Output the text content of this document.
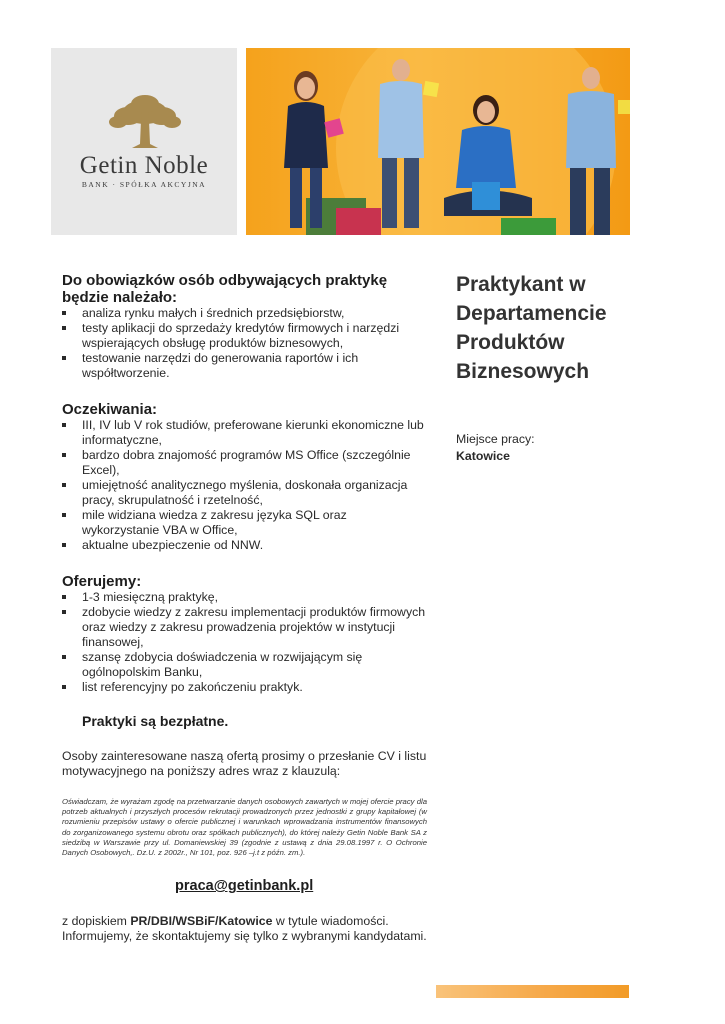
Getin Noble
BANK · SPÓŁKA AKCYJNA
Do obowiązków osób odbywających praktykę będzie należało:
analiza rynku małych i średnich przedsiębiorstw,
testy aplikacji do sprzedaży kredytów firmowych i narzędzi wspierających obsługę produktów biznesowych,
testowanie narzędzi do generowania raportów i ich współtworzenie.
Oczekiwania:
III, IV lub V rok studiów, preferowane kierunki ekonomiczne lub informatyczne,
bardzo dobra znajomość programów MS Office (szczególnie Excel),
umiejętność analitycznego myślenia, doskonała organizacja pracy, skrupulatność i rzetelność,
mile widziana wiedza z zakresu języka SQL oraz wykorzystanie VBA w Office,
aktualne ubezpieczenie od NNW.
Oferujemy:
1-3 miesięczną praktykę,
zdobycie wiedzy z zakresu implementacji produktów firmowych oraz wiedzy z zakresu prowadzenia projektów w instytucji finansowej,
szansę zdobycia doświadczenia w rozwijającym się ogólnopolskim Banku,
list referencyjny po zakończeniu praktyk.
Praktyki są bezpłatne.
Osoby zainteresowane naszą ofertą prosimy o przesłanie CV i listu motywacyjnego na poniższy adres wraz z klauzulą:
Oświadczam, że wyrażam zgodę na przetwarzanie danych osobowych zawartych w mojej ofercie pracy dla potrzeb aktualnych i przyszłych procesów rekrutacji prowadzonych przez jednostki z grupy kapitałowej (w rozumieniu przepisów ustawy o ofercie publicznej i warunkach wprowadzania instrumentów finansowych do zorganizowanego systemu obrotu oraz spółkach publicznych), do której należy Getin Noble Bank SA z siedzibą w Warszawie przy ul. Domaniewskiej 39 (zgodnie z ustawą z dnia 29.08.1997 r. O Ochronie Danych Osobowych,. Dz.U. z 2002r., Nr 101, poz. 926 –j.t z późn. zm.).
praca@getinbank.pl
z dopiskiem PR/DBI/WSBiF/Katowice w tytule wiadomości.
Informujemy, że skontaktujemy się tylko z wybranymi kandydatami.
Praktykant w
Departamencie
Produktów
Biznesowych
Miejsce pracy:
Katowice
